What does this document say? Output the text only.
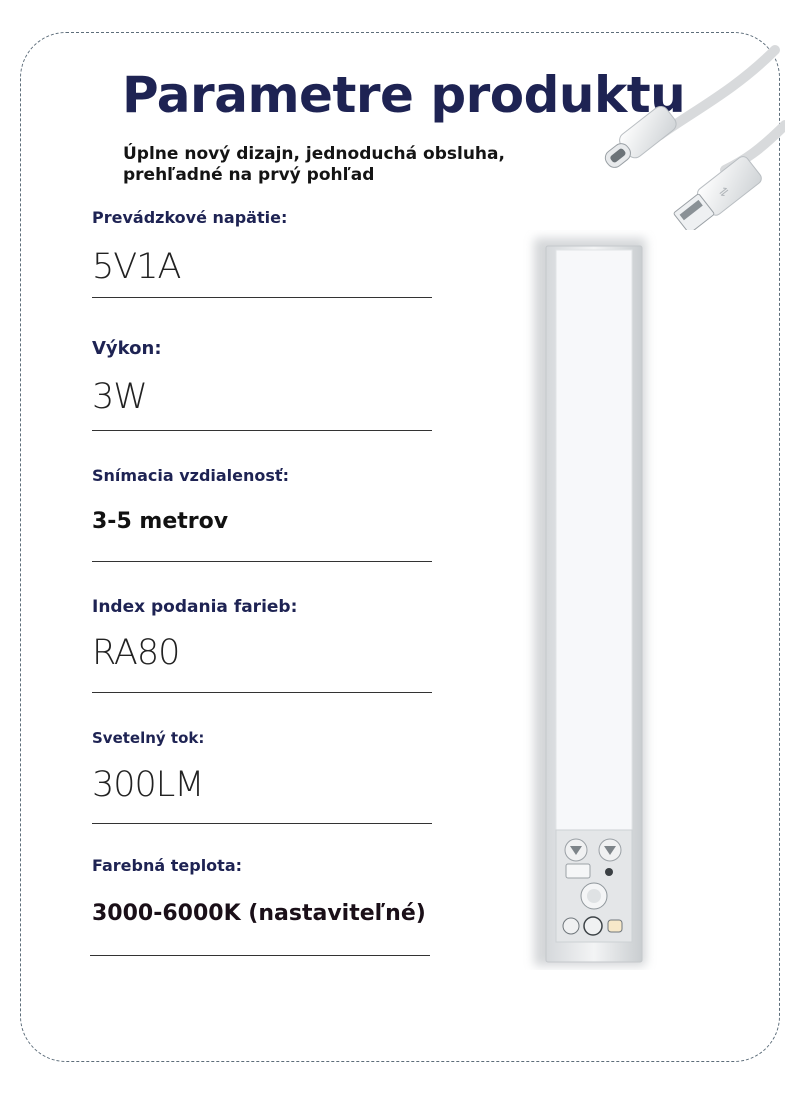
Parametre produktu

Úplne nový dizajn, jednoduchá obsluha, prehľadné na prvý pohľad

Prevádzkové napätie:
5V1A
Výkon:
3W
Snímacia vzdialenosť:
3-5 metrov
Index podania farieb:
RA80
Svetelný tok:
300LM
Farebná teplota:
3000-6000K (nastaviteľné)
⇌
